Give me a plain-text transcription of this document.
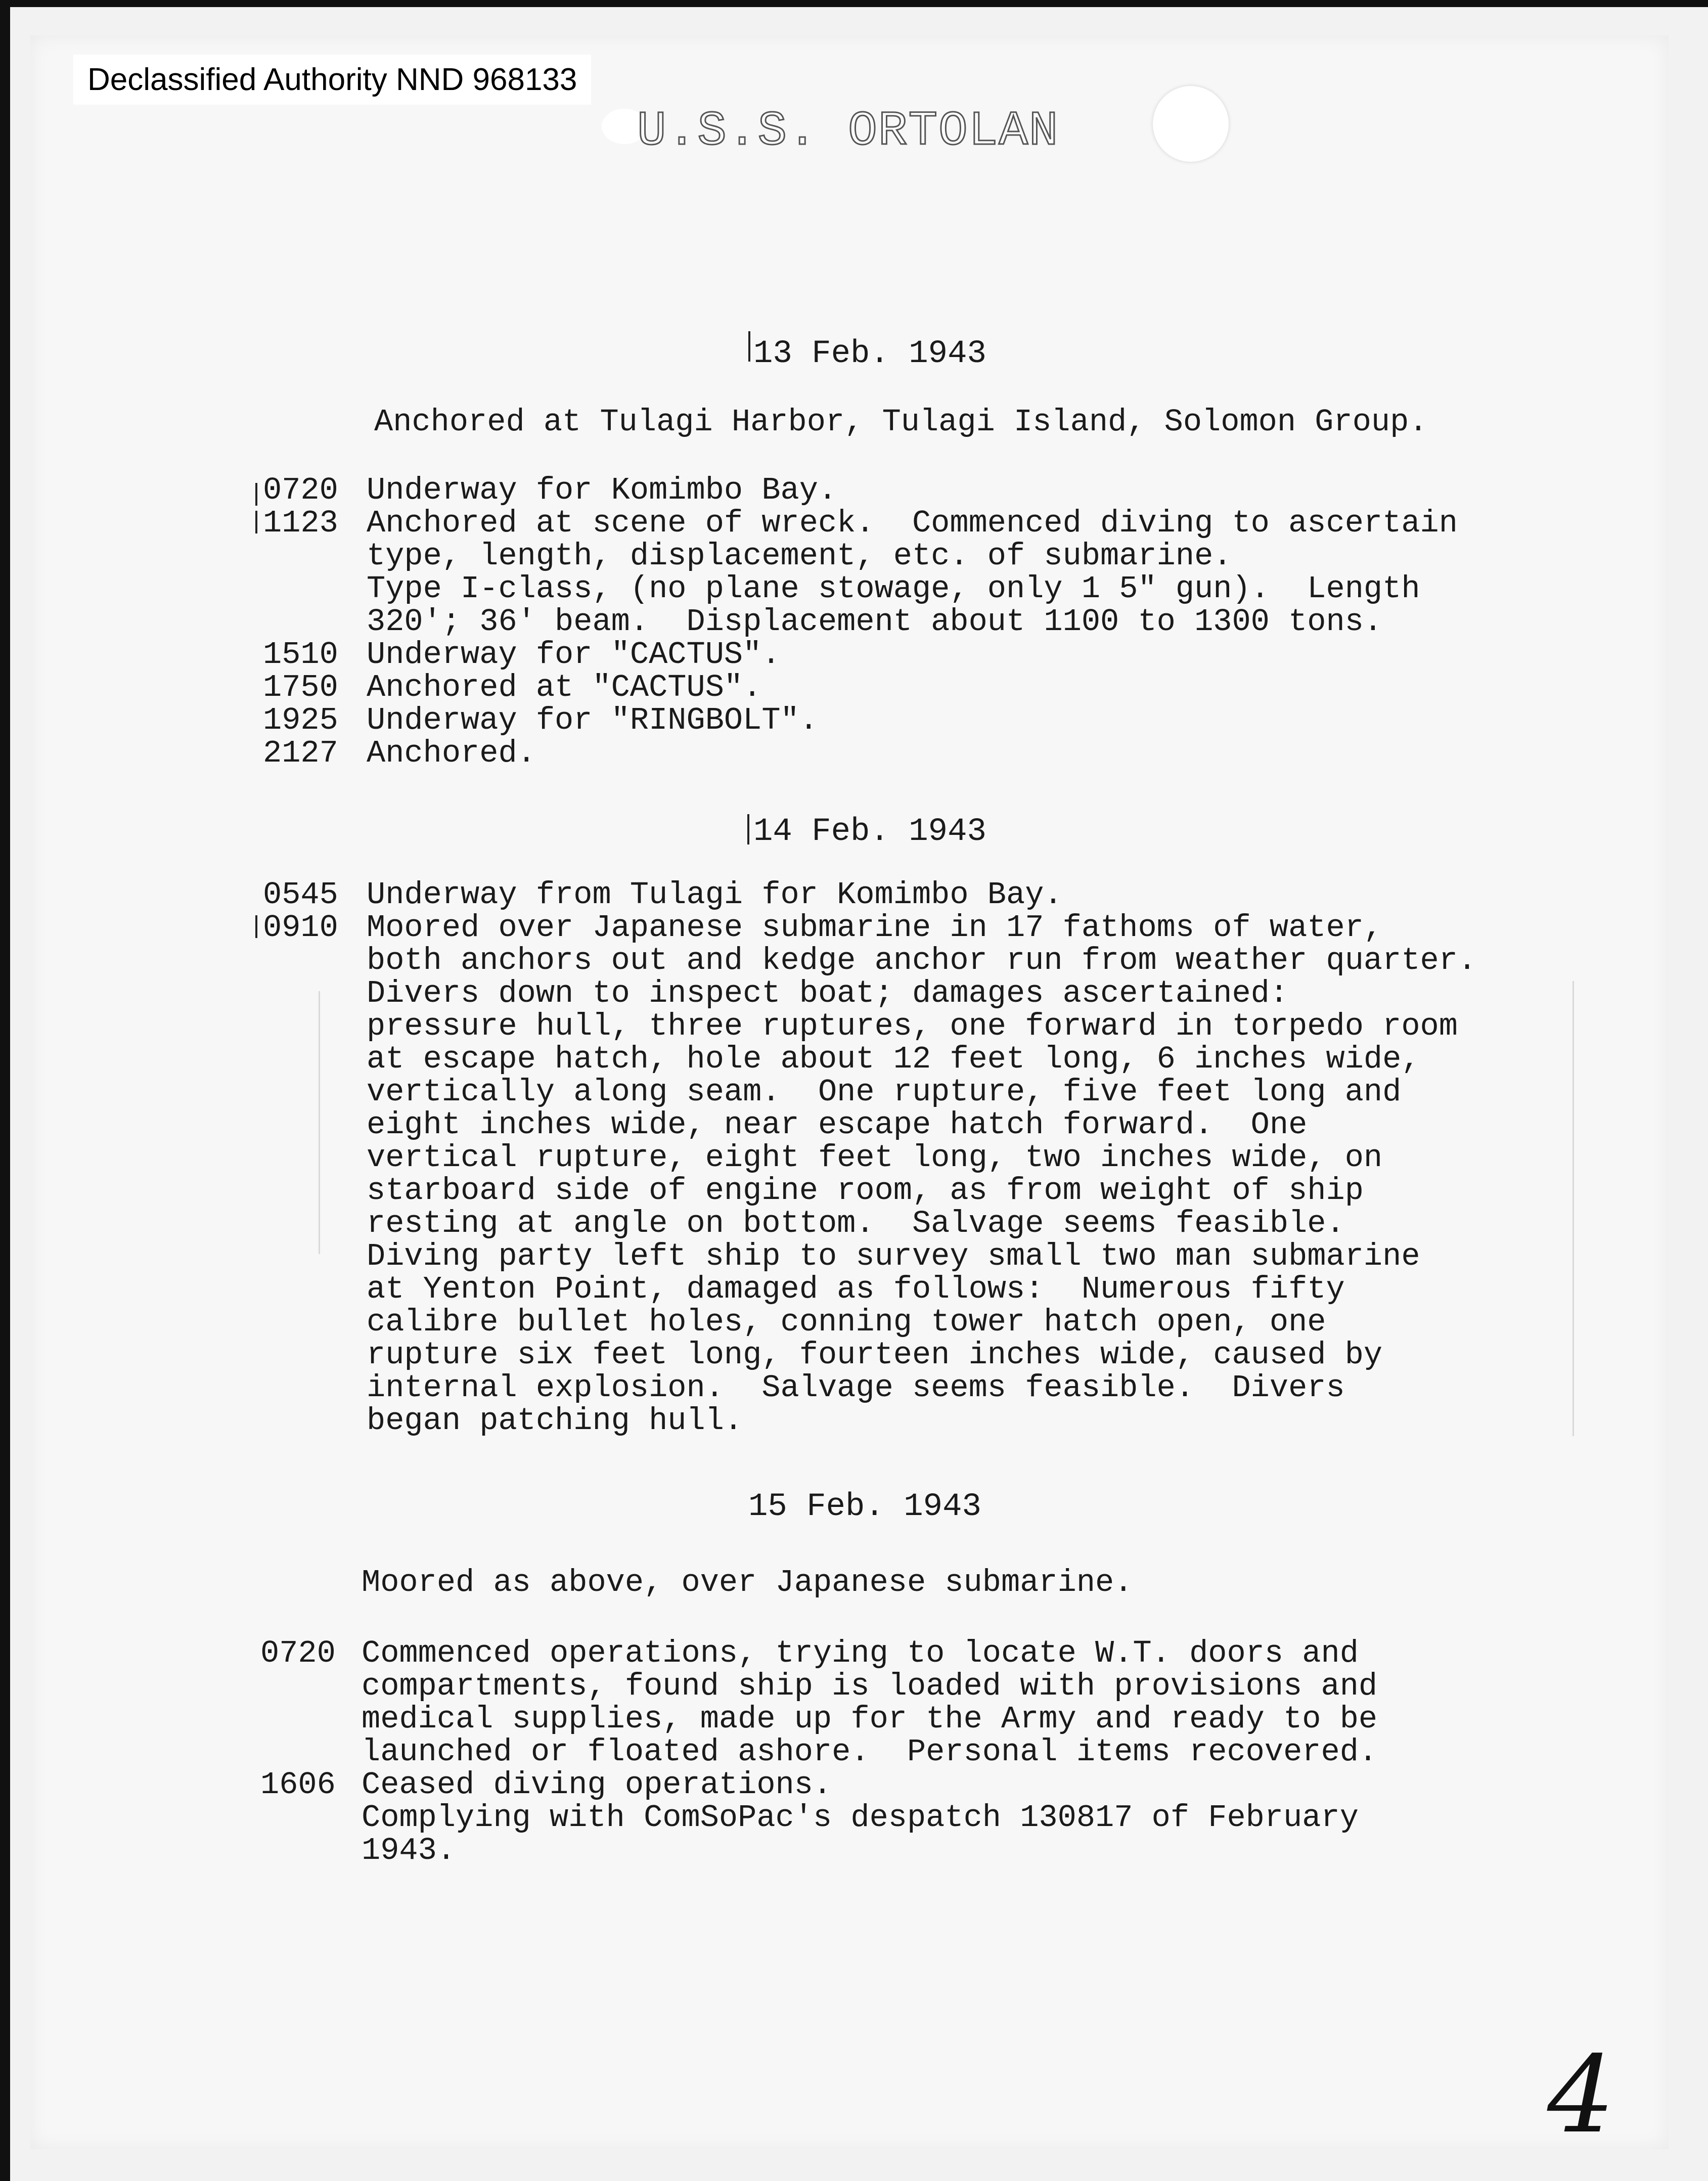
Declassified Authority NND 968133
U.S.S. ORTOLAN
13 Feb. 1943
Anchored at Tulagi Harbor, Tulagi Island, Solomon Group.
0720 Underway for Komimbo Bay.
1123 Anchored at scene of wreck.  Commenced diving to ascertain
type, length, displacement, etc. of submarine.
Type I-class, (no plane stowage, only 1 5" gun).  Length
320'; 36' beam.  Displacement about 1100 to 1300 tons.
1510 Underway for "CACTUS".
1750 Anchored at "CACTUS".
1925 Underway for "RINGBOLT".
2127 Anchored.
14 Feb. 1943
0545 Underway from Tulagi for Komimbo Bay.
0910 Moored over Japanese submarine in 17 fathoms of water,
both anchors out and kedge anchor run from weather quarter.
Divers down to inspect boat; damages ascertained:
pressure hull, three ruptures, one forward in torpedo room
at escape hatch, hole about 12 feet long, 6 inches wide,
vertically along seam.  One rupture, five feet long and
eight inches wide, near escape hatch forward.  One
vertical rupture, eight feet long, two inches wide, on
starboard side of engine room, as from weight of ship
resting at angle on bottom.  Salvage seems feasible.
Diving party left ship to survey small two man submarine
at Yenton Point, damaged as follows:  Numerous fifty
calibre bullet holes, conning tower hatch open, one
rupture six feet long, fourteen inches wide, caused by
internal explosion.  Salvage seems feasible.  Divers
began patching hull.
15 Feb. 1943
Moored as above, over Japanese submarine.
0720 Commenced operations, trying to locate W.T. doors and
compartments, found ship is loaded with provisions and
medical supplies, made up for the Army and ready to be
launched or floated ashore.  Personal items recovered.
1606 Ceased diving operations.
Complying with ComSoPac's despatch 130817 of February
1943.
4
